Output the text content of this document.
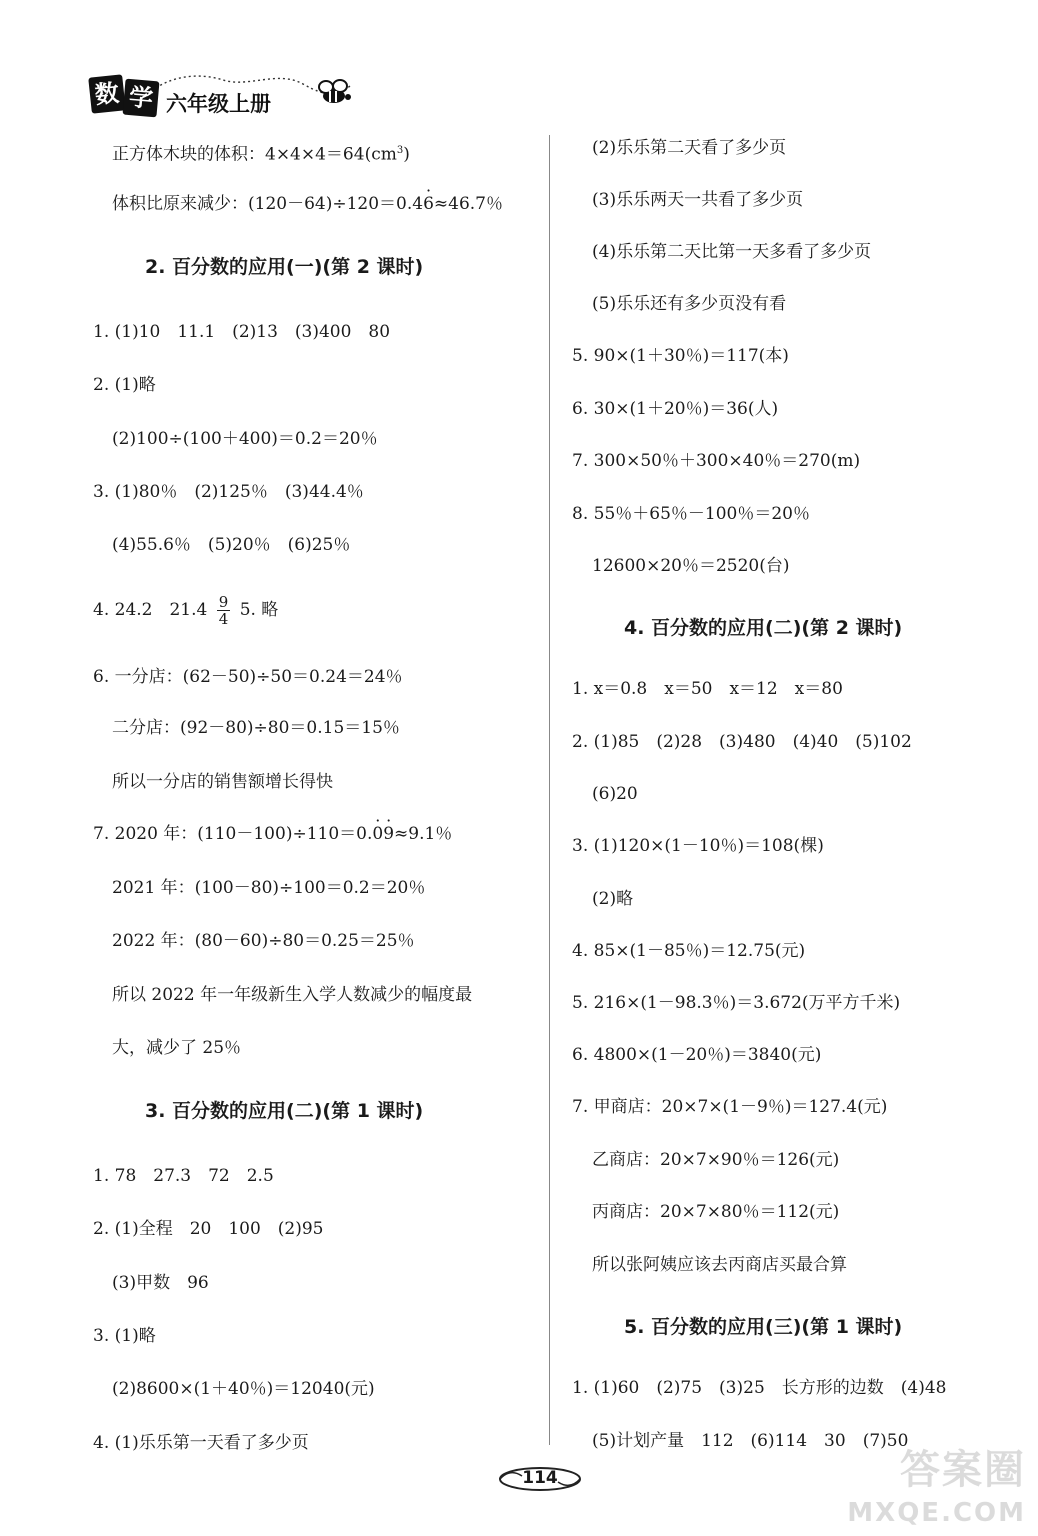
数 学 六年级上册
正方体木块的体积：$4\times 4\times 4=64(cm^3)$
体积比原来减少：(120－64)÷120＝0.46 ·≈46.7％
2. 百分数的应用(一)(第 2 课时)
1. (1)10　11.1　(2)13　(3)400　80
2. (1)略
(2)100÷(100＋400)＝0.2＝20％
3. (1)80％　(2)125％　(3)44.4％
(4)55.6％　(5)20％　(6)25％
4. 24.2　$21.4 \frac{9}{4} 5$. 略
6. 一分店：(62－50)÷50＝0.24＝24％
二分店：(92－80)÷80＝0.15＝15％
所以一分店的销售额增长得快
7. 2020 年：(110－100)÷110＝0.0 ·9 ·≈9.1％
2021 年：(100－80)÷100＝0.2＝20％
2022 年：(80－60)÷80＝0.25＝25％
所以 2022 年一年级新生入学人数减少的幅度最
大，减少了 25％
3. 百分数的应用(二)(第 1 课时)
1. 78　27.3　72　2.5
2. (1)全程　20　100　(2)95
(3)甲数　96
3. (1)略
(2)8600×(1＋40％)＝12040(元)
4. (1)乐乐第一天看了多少页
(2)乐乐第二天看了多少页
(3)乐乐两天一共看了多少页
(4)乐乐第二天比第一天多看了多少页
(5)乐乐还有多少页没有看
5. 90×(1＋30％)＝117(本)
6. 30×(1＋20％)＝36(人)
7. 300×50％＋300×40％＝270(m)
8. 55％＋65％－100％＝20％
12600×20％＝2520(台)
4. 百分数的应用(二)(第 2 课时)
1. x＝0.8　x＝50　x＝12　x＝80
2. (1)85　(2)28　(3)480　(4)40　(5)102
(6)20
3. (1)120×(1－10％)＝108(棵)
(2)略
4. 85×(1－85％)＝12.75(元)
5. 216×(1－98.3％)＝3.672(万平方千米)
6. 4800×(1－20％)＝3840(元)
7. 甲商店：20×7×(1－9％)＝127.4(元)
乙商店：20×7×90％＝126(元)
丙商店：20×7×80％＝112(元)
所以张阿姨应该去丙商店买最合算
5. 百分数的应用(三)(第 1 课时)
1. (1)60　(2)75　(3)25　长方形的边数　(4)48
(5)计划产量　112　(6)114　30　(7)50
114	答案圈
MXQE.COM
